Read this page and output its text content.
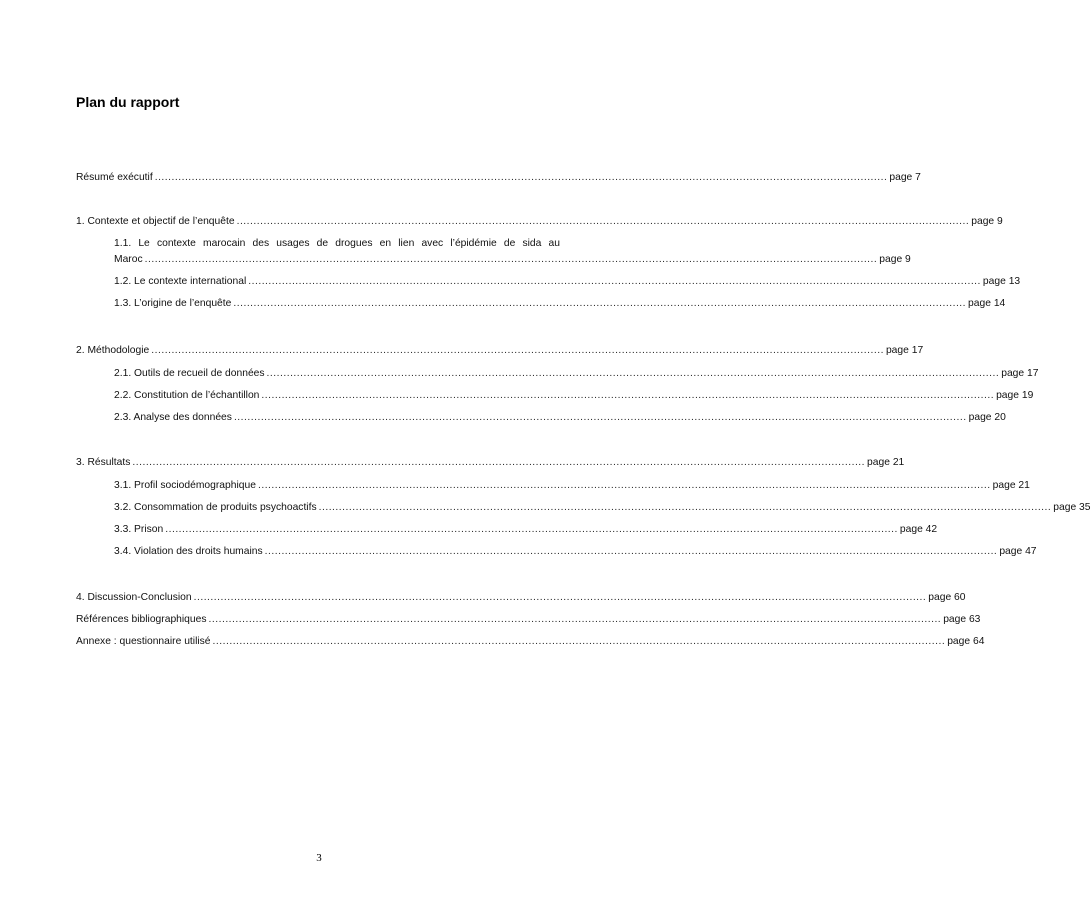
Plan du rapport
Résumé exécutif .......................................................................................................................................................................................................................... page 7
1. Contexte et objectif de l’enquête .......................................................................................................................................................................................................................... page 9
1.1. Le contexte marocain des usages de drogues en lien avec l’épidémie de sida au
Maroc .......................................................................................................................................................................................................................... page 9
1.2. Le contexte international .......................................................................................................................................................................................................................... page 13
1.3. L’origine de l’enquête .......................................................................................................................................................................................................................... page 14
2. Méthodologie .......................................................................................................................................................................................................................... page 17
2.1. Outils de recueil de données .......................................................................................................................................................................................................................... page 17
2.2. Constitution de l’échantillon .......................................................................................................................................................................................................................... page 19
2.3. Analyse des données .......................................................................................................................................................................................................................... page 20
3. Résultats .......................................................................................................................................................................................................................... page 21
3.1. Profil sociodémographique .......................................................................................................................................................................................................................... page 21
3.2. Consommation de produits psychoactifs .......................................................................................................................................................................................................................... page 35
3.3. Prison .......................................................................................................................................................................................................................... page 42
3.4. Violation des droits humains .......................................................................................................................................................................................................................... page 47
4. Discussion-Conclusion .......................................................................................................................................................................................................................... page 60
Références bibliographiques .......................................................................................................................................................................................................................... page 63
Annexe : questionnaire utilisé .......................................................................................................................................................................................................................... page 64
3
